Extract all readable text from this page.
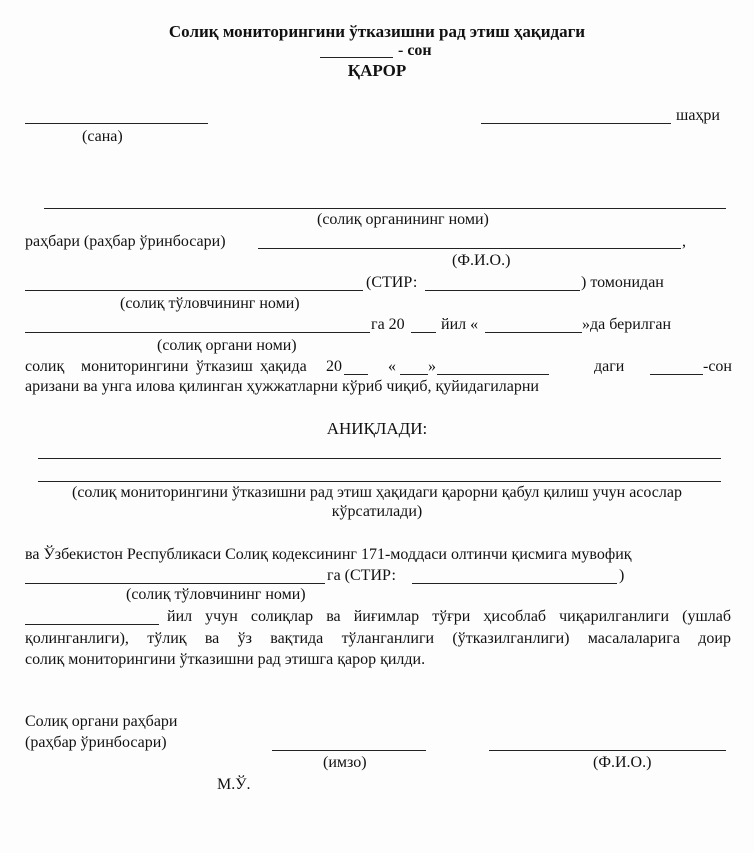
Солиқ мониторингини ўтказишни рад этиш ҳақидаги
- сон
ҚАРОР
(сана)
шаҳри
(солиқ органининг номи)
раҳбари (раҳбар ўринбосари)	,
(Ф.И.О.)
(СТИР:	) томонидан
(солиқ тўловчининг номи)
га 20 йил «	»да берилган
(солиқ органи номи)
солиқ мониторингини ўтказиш ҳақида 20	« »	даги	-сон
аризани ва унга илова қилинган ҳужжатларни кўриб чиқиб, қуйидагиларни
АНИҚЛАДИ:
(солиқ мониторингини ўтказишни рад этиш ҳақидаги қарорни қабул қилиш учун асослар
кўрсатилади)
ва Ўзбекистон Республикаси Солиқ кодексининг 171-моддаси олтинчи қисмига мувофиқ
га (СТИР:	)
(солиқ тўловчининг номи)
йил учун солиқлар ва йиғимлар тўғри ҳисоблаб чиқарилганлиги (ушлаб
қолинганлиги), тўлиқ ва ўз вақтида тўланганлиги (ўтказилганлиги) масалаларига доир
солиқ мониторингини ўтказишни рад этишга қарор қилди.
Солиқ органи раҳбари
(раҳбар ўринбосари)
(имзо)	(Ф.И.О.)
М.Ў.
